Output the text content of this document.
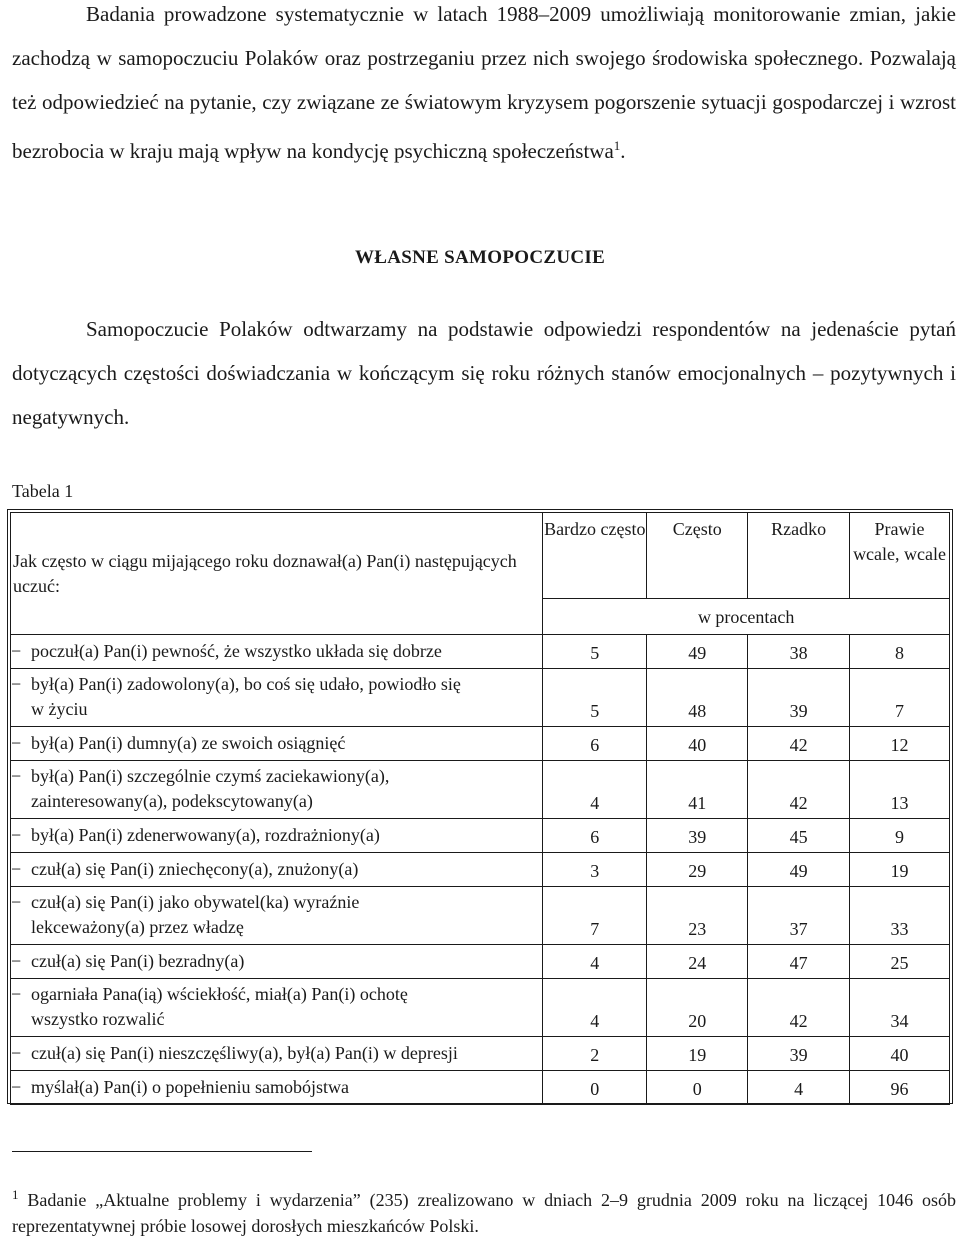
Badania prowadzone systematycznie w latach 1988–2009 umożliwiają monitorowanie zmian, jakie zachodzą w samopoczuciu Polaków oraz postrzeganiu przez nich swojego środowiska społecznego. Pozwalają też odpowiedzieć na pytanie, czy związane ze światowym kryzysem pogorszenie sytuacji gospodarczej i wzrost bezrobocia w kraju mają wpływ na kondycję psychiczną społeczeństwa$^1$.

WŁASNE SAMOPOCZUCIE

Samopoczucie Polaków odtwarzamy na podstawie odpowiedzi respondentów na jedenaście pytań dotyczących częstości doświadczania w kończącym się roku różnych stanów emocjonalnych – pozytywnych i negatywnych.

Tabela 1
Jak często w ciągu mijającego roku doznawał(a) Pan(i) następujących uczuć:	Bardzo często	Często	Rzadko	Prawie wcale, wcale
	w procentach			
− poczuł(a) Pan(i) pewność, że wszystko układa się dobrze	5	49	38	8
− był(a) Pan(i) zadowolony(a), bo coś się udało, powiodło się
w życiu	5	48	39	7
− był(a) Pan(i) dumny(a) ze swoich osiągnięć	6	40	42	12
− był(a) Pan(i) szczególnie czymś zaciekawiony(a),
zainteresowany(a), podekscytowany(a)	4	41	42	13
− był(a) Pan(i) zdenerwowany(a), rozdrażniony(a)	6	39	45	9
− czuł(a) się Pan(i) zniechęcony(a), znużony(a)	3	29	49	19
− czuł(a) się Pan(i) jako obywatel(ka) wyraźnie
lekceważony(a) przez władzę	7	23	37	33
− czuł(a) się Pan(i) bezradny(a)	4	24	47	25
− ogarniała Pana(ią) wściekłość, miał(a) Pan(i) ochotę
wszystko rozwalić	4	20	42	34
− czuł(a) się Pan(i) nieszczęśliwy(a), był(a) Pan(i) w depresji	2	19	39	40
− myślał(a) Pan(i) o popełnieniu samobójstwa	0	0	4	96

$^1$ Badanie „Aktualne problemy i wydarzenia” (235) zrealizowano w dniach 2–9 grudnia 2009 roku na liczącej 1046 osób reprezentatywnej próbie losowej dorosłych mieszkańców Polski.
